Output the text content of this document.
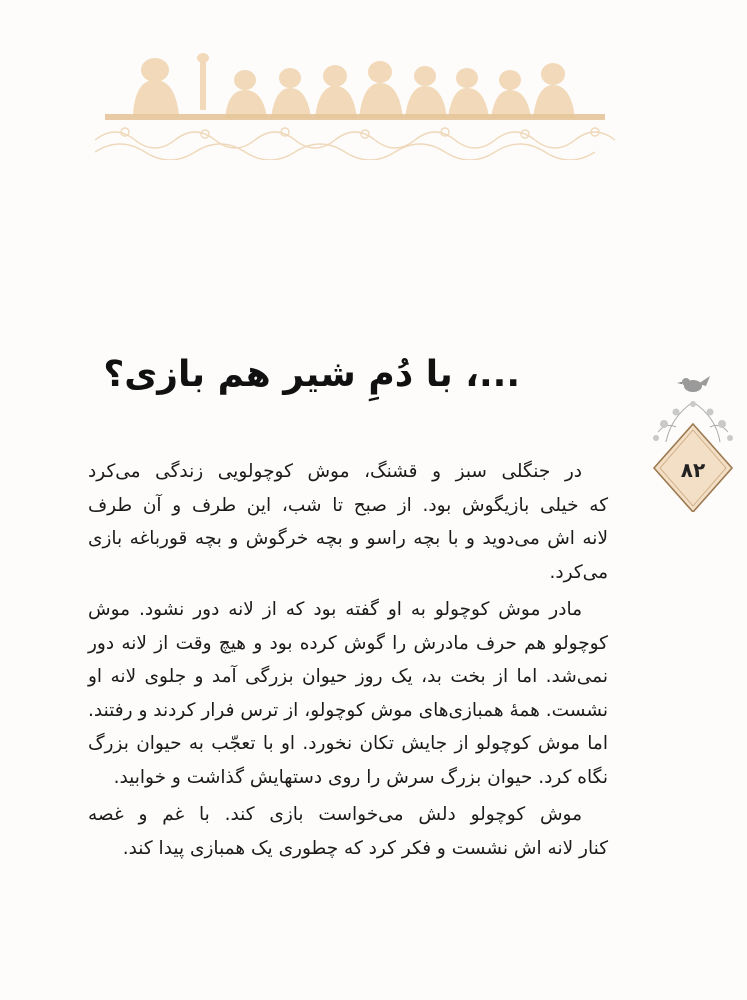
...، با دُمِ شیر هم بازی؟
۸۲
در جنگلی سبز و قشنگ، موش کوچولویی زندگی می‌کرد
که خیلی بازیگوش بود. از صبح تا شب، این طرف و آن طرف
لانه اش می‌دوید و با بچه راسو و بچه خرگوش و بچه قورباغه بازی
می‌کرد.
مادر موش کوچولو به او گفته بود که از لانه دور نشود. موش
کوچولو هم حرف مادرش را گوش کرده بود و هیچ وقت از لانه دور
نمی‌شد. اما از بخت بد، یک روز حیوان بزرگی آمد و جلوی لانه او
نشست. همهٔ همبازی‌های موش کوچولو، از ترس فرار کردند و رفتند.
اما موش کوچولو از جایش تکان نخورد. او با تعجّب به حیوان بزرگ
نگاه کرد. حیوان بزرگ سرش را روی دستهایش گذاشت و خوابید.
موش کوچولو دلش می‌خواست بازی کند. با غم و غصه
کنار لانه اش نشست و فکر کرد که چطوری یک همبازی پیدا کند.
